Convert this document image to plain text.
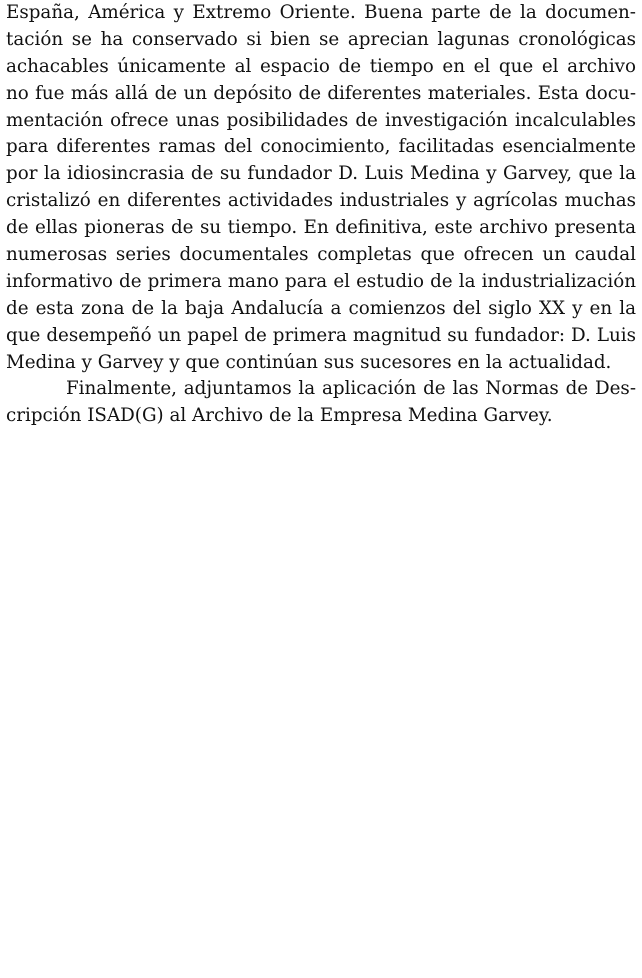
España, América y Extremo Oriente. Buena parte de la documen-
tación se ha conservado si bien se aprecian lagunas cronológicas
achacables únicamente al espacio de tiempo en el que el archivo
no fue más allá de un depósito de diferentes materiales. Esta docu-
mentación ofrece unas posibilidades de investigación incalculables
para diferentes ramas del conocimiento, facilitadas esencialmente
por la idiosincrasia de su fundador D. Luis Medina y Garvey, que la
cristalizó en diferentes actividades industriales y agrícolas muchas
de ellas pioneras de su tiempo. En definitiva, este archivo presenta
numerosas series documentales completas que ofrecen un caudal
informativo de primera mano para el estudio de la industrialización
de esta zona de la baja Andalucía a comienzos del siglo XX y en la
que desempeñó un papel de primera magnitud su fundador: D. Luis
Medina y Garvey y que continúan sus sucesores en la actualidad.
Finalmente, adjuntamos la aplicación de las Normas de Des-
cripción ISAD(G) al Archivo de la Empresa Medina Garvey.
